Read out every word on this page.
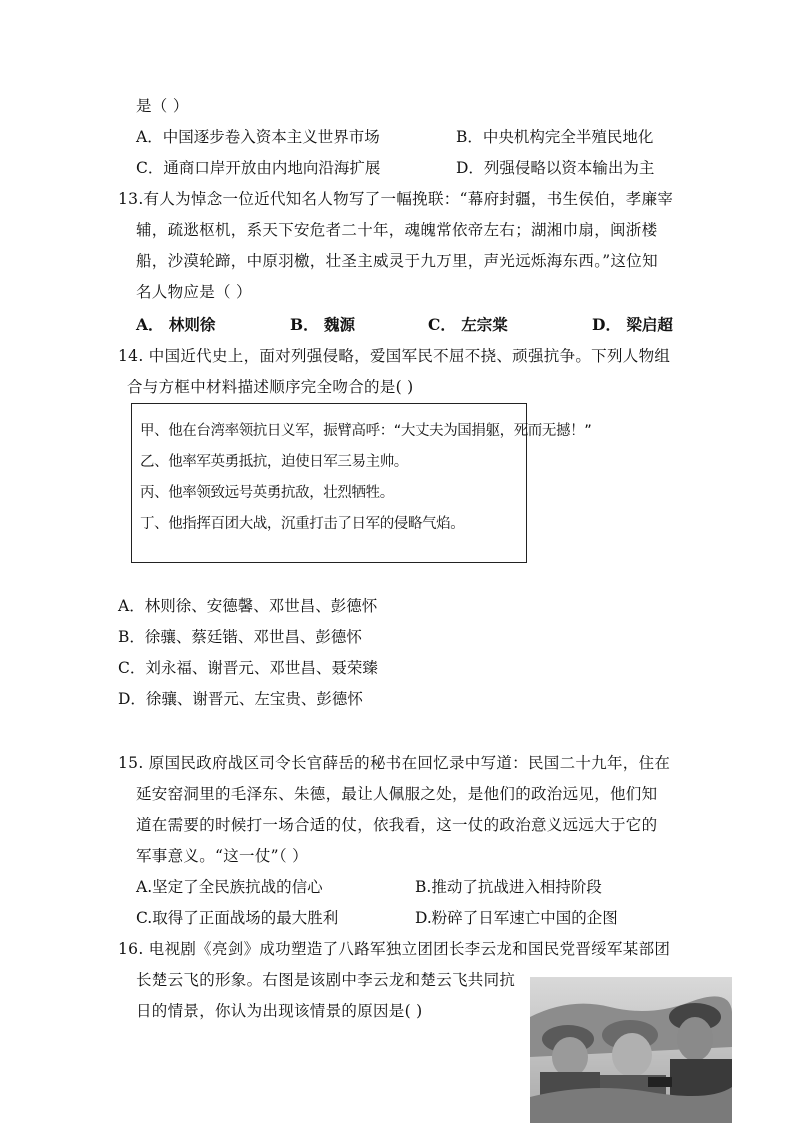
是（ ）
A．中国逐步卷入资本主义世界市场	B．中央机构完全半殖民地化
C．通商口岸开放由内地向沿海扩展	D．列强侵略以资本输出为主
13.有人为悼念一位近代知名人物写了一幅挽联：“幕府封疆，书生侯伯，孝廉宰
辅，疏逖枢机，系天下安危者二十年，魂魄常依帝左右；湖湘巾扇，闽浙楼
船，沙漠轮蹄，中原羽檄，壮圣主威灵于九万里，声光远烁海东西。”这位知
名人物应是（ ）
A． 林则徐	B． 魏源	C． 左宗棠	D． 梁启超
14. 中国近代史上，面对列强侵略，爱国军民不屈不挠、顽强抗争。下列人物组
合与方框中材料描述顺序完全吻合的是( )
甲、他在台湾率领抗日义军，振臂高呼：“大丈夫为国捐躯，死而无撼！”
乙、他率军英勇抵抗，迫使日军三易主帅。
丙、他率领致远号英勇抗敌，壮烈牺牲。
丁、他指挥百团大战，沉重打击了日军的侵略气焰。
A．林则徐、安德馨、邓世昌、彭德怀
B．徐骧、蔡廷锴、邓世昌、彭德怀
C．刘永福、谢晋元、邓世昌、聂荣臻
D．徐骧、谢晋元、左宝贵、彭德怀
15. 原国民政府战区司令长官薛岳的秘书在回忆录中写道：民国二十九年，住在
延安窑洞里的毛泽东、朱德，最让人佩服之处，是他们的政治远见，他们知
道在需要的时候打一场合适的仗，依我看，这一仗的政治意义远远大于它的
军事意义。“这一仗”（ ）
A.坚定了全民族抗战的信心	B.推动了抗战进入相持阶段
C.取得了正面战场的最大胜利	D.粉碎了日军速亡中国的企图
16. 电视剧《亮剑》成功塑造了八路军独立团团长李云龙和国民党晋绥军某部团
长楚云飞的形象。右图是该剧中李云龙和楚云飞共同抗
日的情景，你认为出现该情景的原因是( )
